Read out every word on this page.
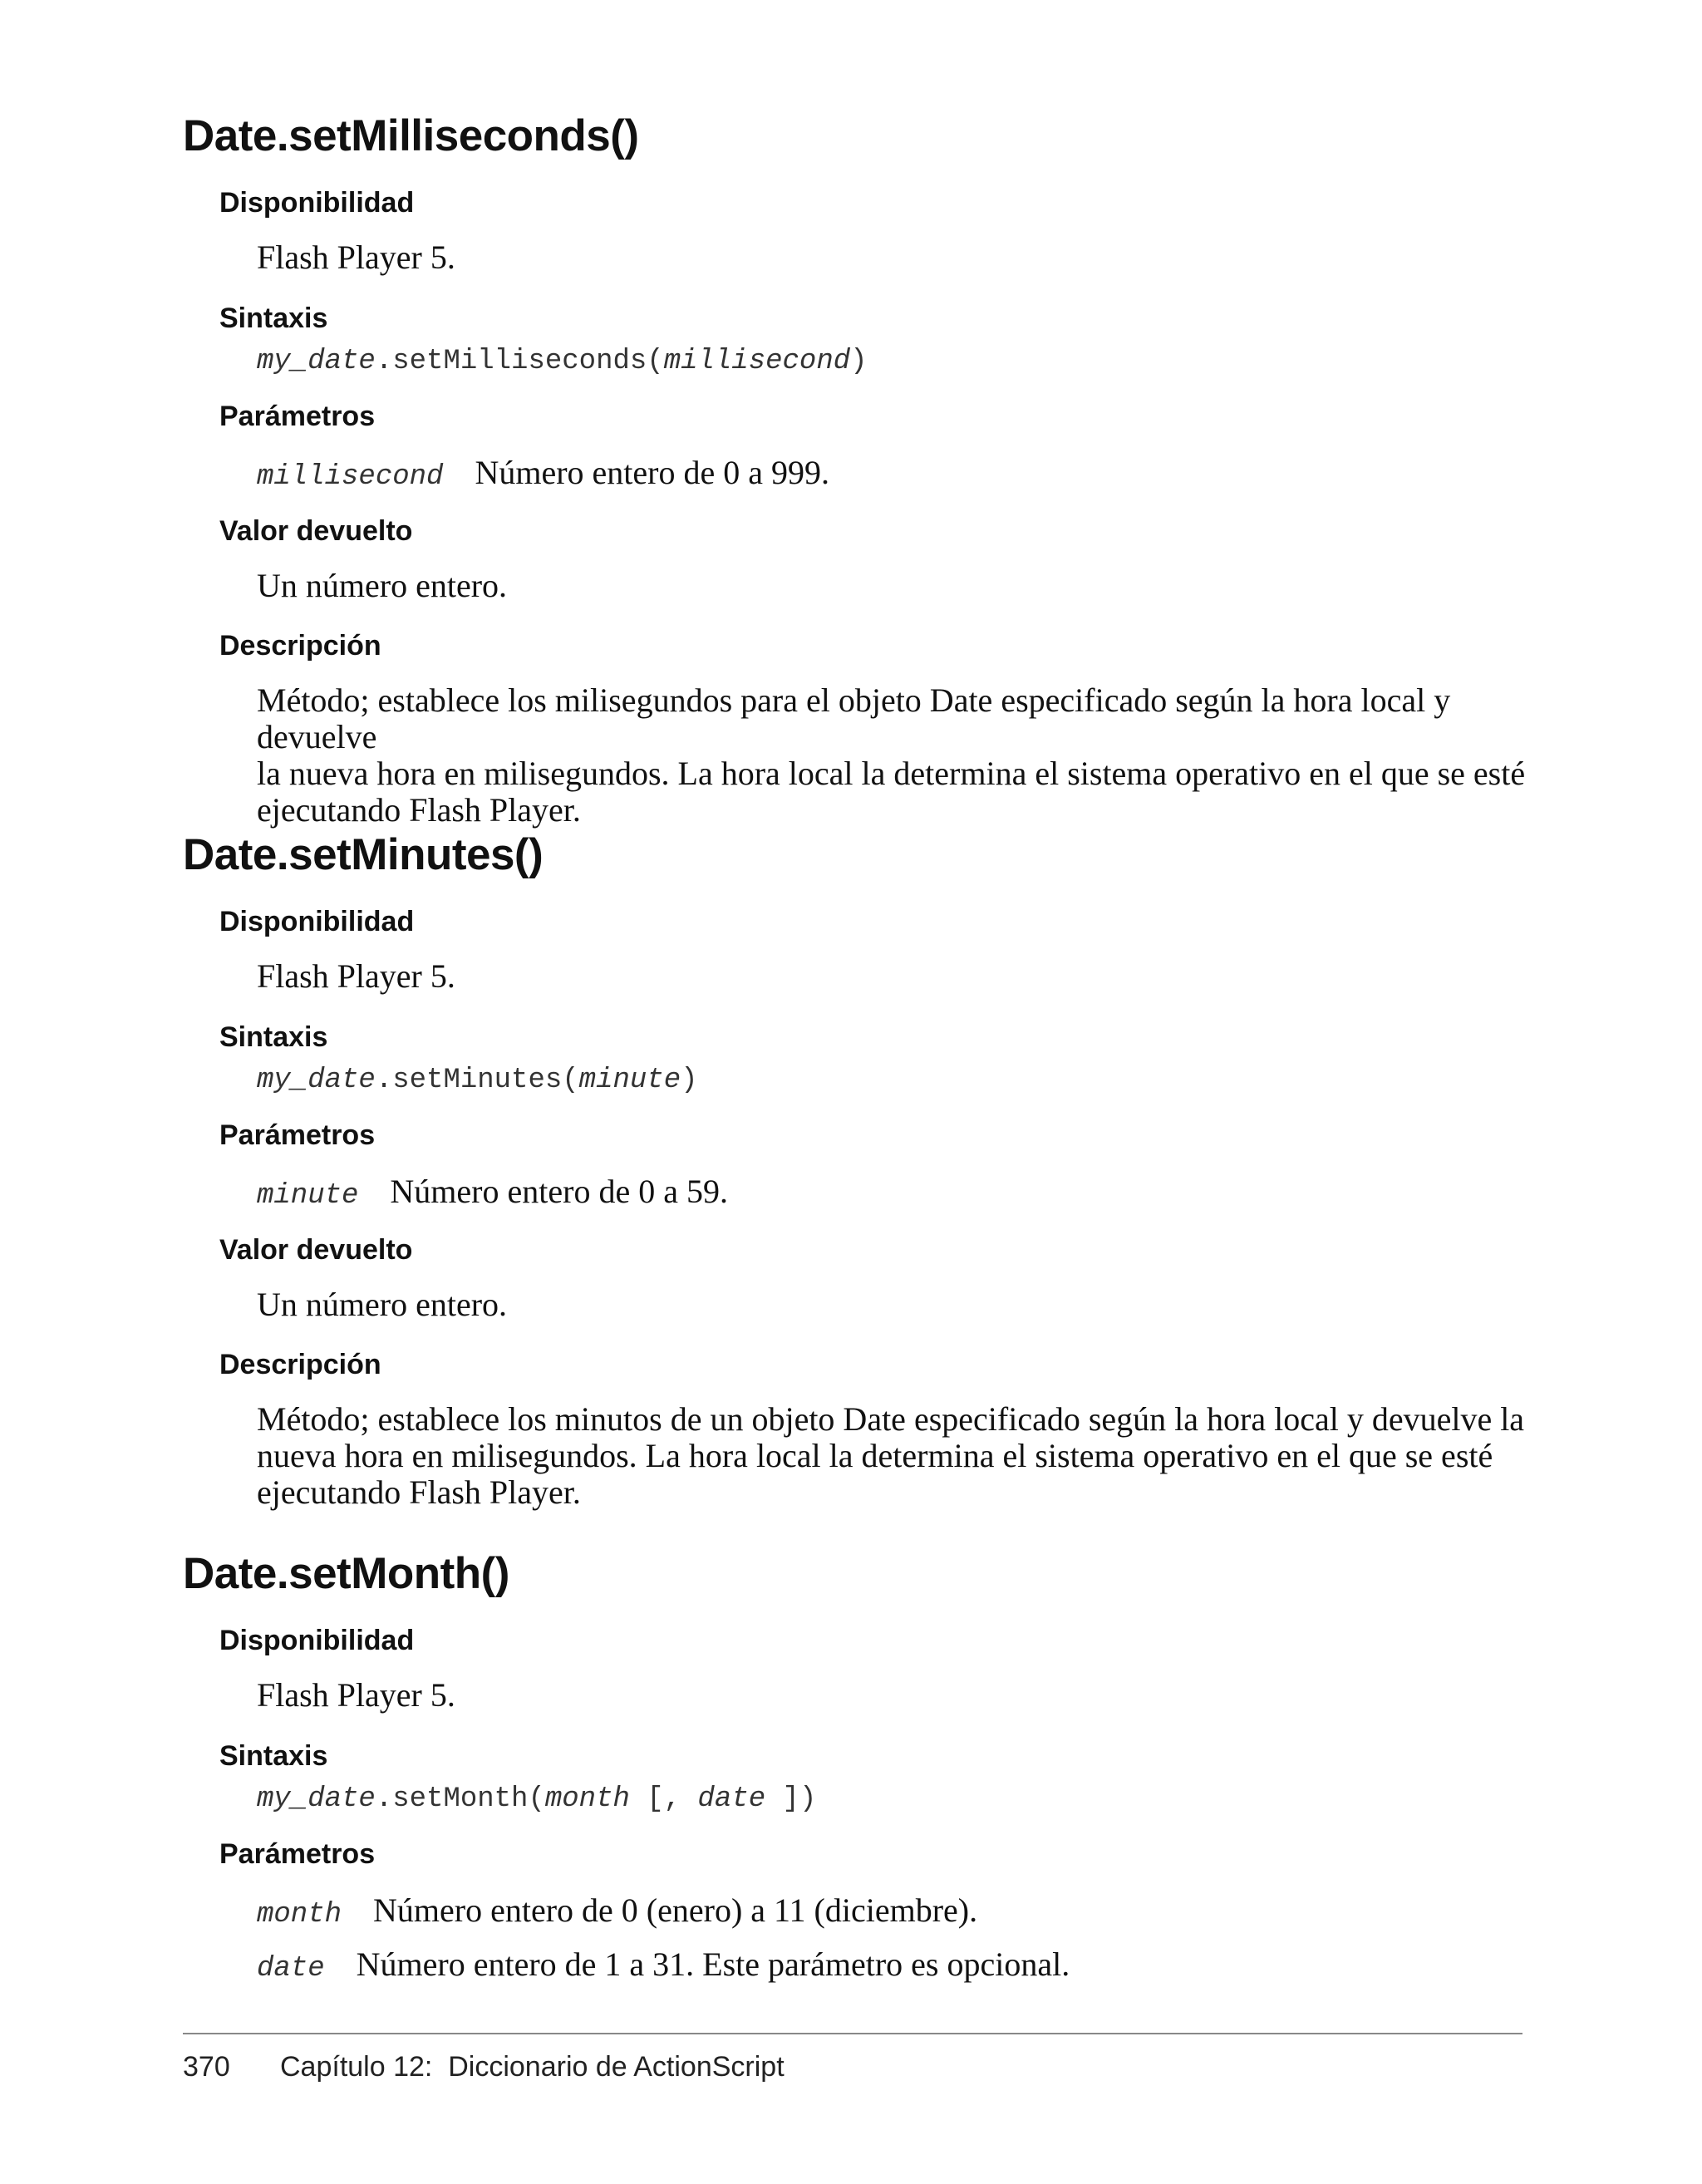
Date.setMilliseconds()
Disponibilidad

Flash Player 5.

Sintaxis

my_date.setMilliseconds(millisecond)

Parámetros

millisecond Número entero de 0 a 999.

Valor devuelto

Un número entero.

Descripción

Método; establece los milisegundos para el objeto Date especificado según la hora local y devuelve
la nueva hora en milisegundos. La hora local la determina el sistema operativo en el que se esté
ejecutando Flash Player.

Date.setMinutes()
Disponibilidad

Flash Player 5.

Sintaxis

my_date.setMinutes(minute)

Parámetros

minute Número entero de 0 a 59.

Valor devuelto

Un número entero.

Descripción

Método; establece los minutos de un objeto Date especificado según la hora local y devuelve la
nueva hora en milisegundos. La hora local la determina el sistema operativo en el que se esté
ejecutando Flash Player.

Date.setMonth()
Disponibilidad

Flash Player 5.

Sintaxis

my_date.setMonth(month [, date ])

Parámetros

month Número entero de 0 (enero) a 11 (diciembre).

date Número entero de 1 a 31. Este parámetro es opcional.

370 Capítulo 12:  Diccionario de ActionScript
